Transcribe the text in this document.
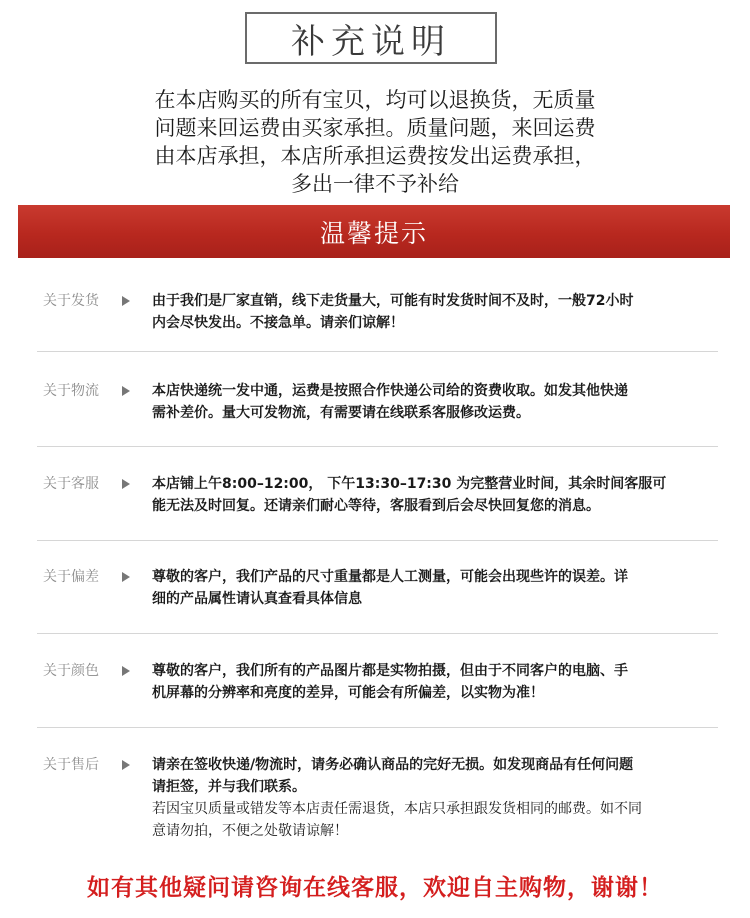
补充说明
在本店购买的所有宝贝，均可以退换货，无质量
问题来回运费由买家承担。质量问题，来回运费
由本店承担，本店所承担运费按发出运费承担，
多出一律不予补给
温馨提示
关于发货	由于我们是厂家直销，线下走货量大，可能有时发货时间不及时，一般72小时
内会尽快发出。不接急单。请亲们谅解！
关于物流	本店快递统一发中通，运费是按照合作快递公司给的资费收取。如发其他快递
需补差价。量大可发物流，有需要请在线联系客服修改运费。
关于客服	本店铺上午8:00–12:00， 下午13:30–17:30 为完整营业时间，其余时间客服可
能无法及时回复。还请亲们耐心等待，客服看到后会尽快回复您的消息。
关于偏差	尊敬的客户，我们产品的尺寸重量都是人工测量，可能会出现些许的误差。详
细的产品属性请认真查看具体信息
关于颜色	尊敬的客户，我们所有的产品图片都是实物拍摄，但由于不同客户的电脑、手
机屏幕的分辨率和亮度的差异，可能会有所偏差，以实物为准！
关于售后	请亲在签收快递/物流时，请务必确认商品的完好无损。如发现商品有任何问题
请拒签，并与我们联系。
若因宝贝质量或错发等本店责任需退货，本店只承担跟发货相同的邮费。如不同
意请勿拍，不便之处敬请谅解！
如有其他疑问请咨询在线客服，欢迎自主购物，谢谢！
